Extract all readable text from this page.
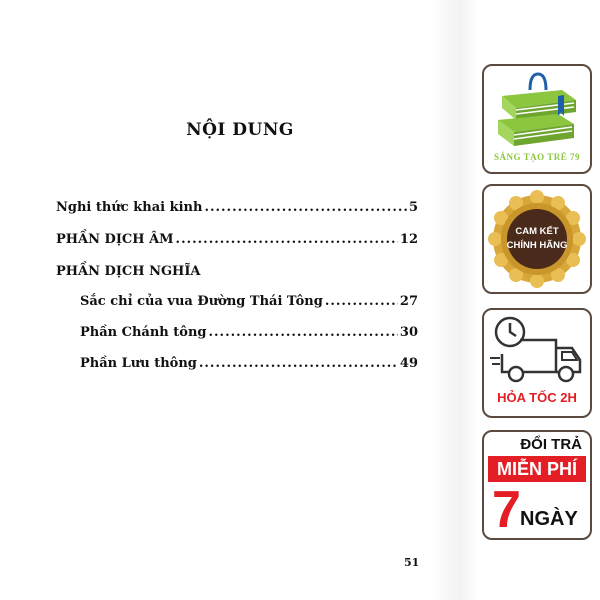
NỘI DUNG
Nghi thức khai kinh .....	5
PHẦN DỊCH ÂM .....	12
PHẦN DỊCH NGHĨA
Sắc chỉ của vua Đường Thái Tông .....	27
Phần Chánh tông .....	30
Phần Lưu thông .....	49
51
SÁNG TẠO TRẺ 79
CAM KẾT
CHÍNH HÃNG
HỎA TỐC 2H
ĐỔI TRẢ
MIỄN PHÍ
7 NGÀY
